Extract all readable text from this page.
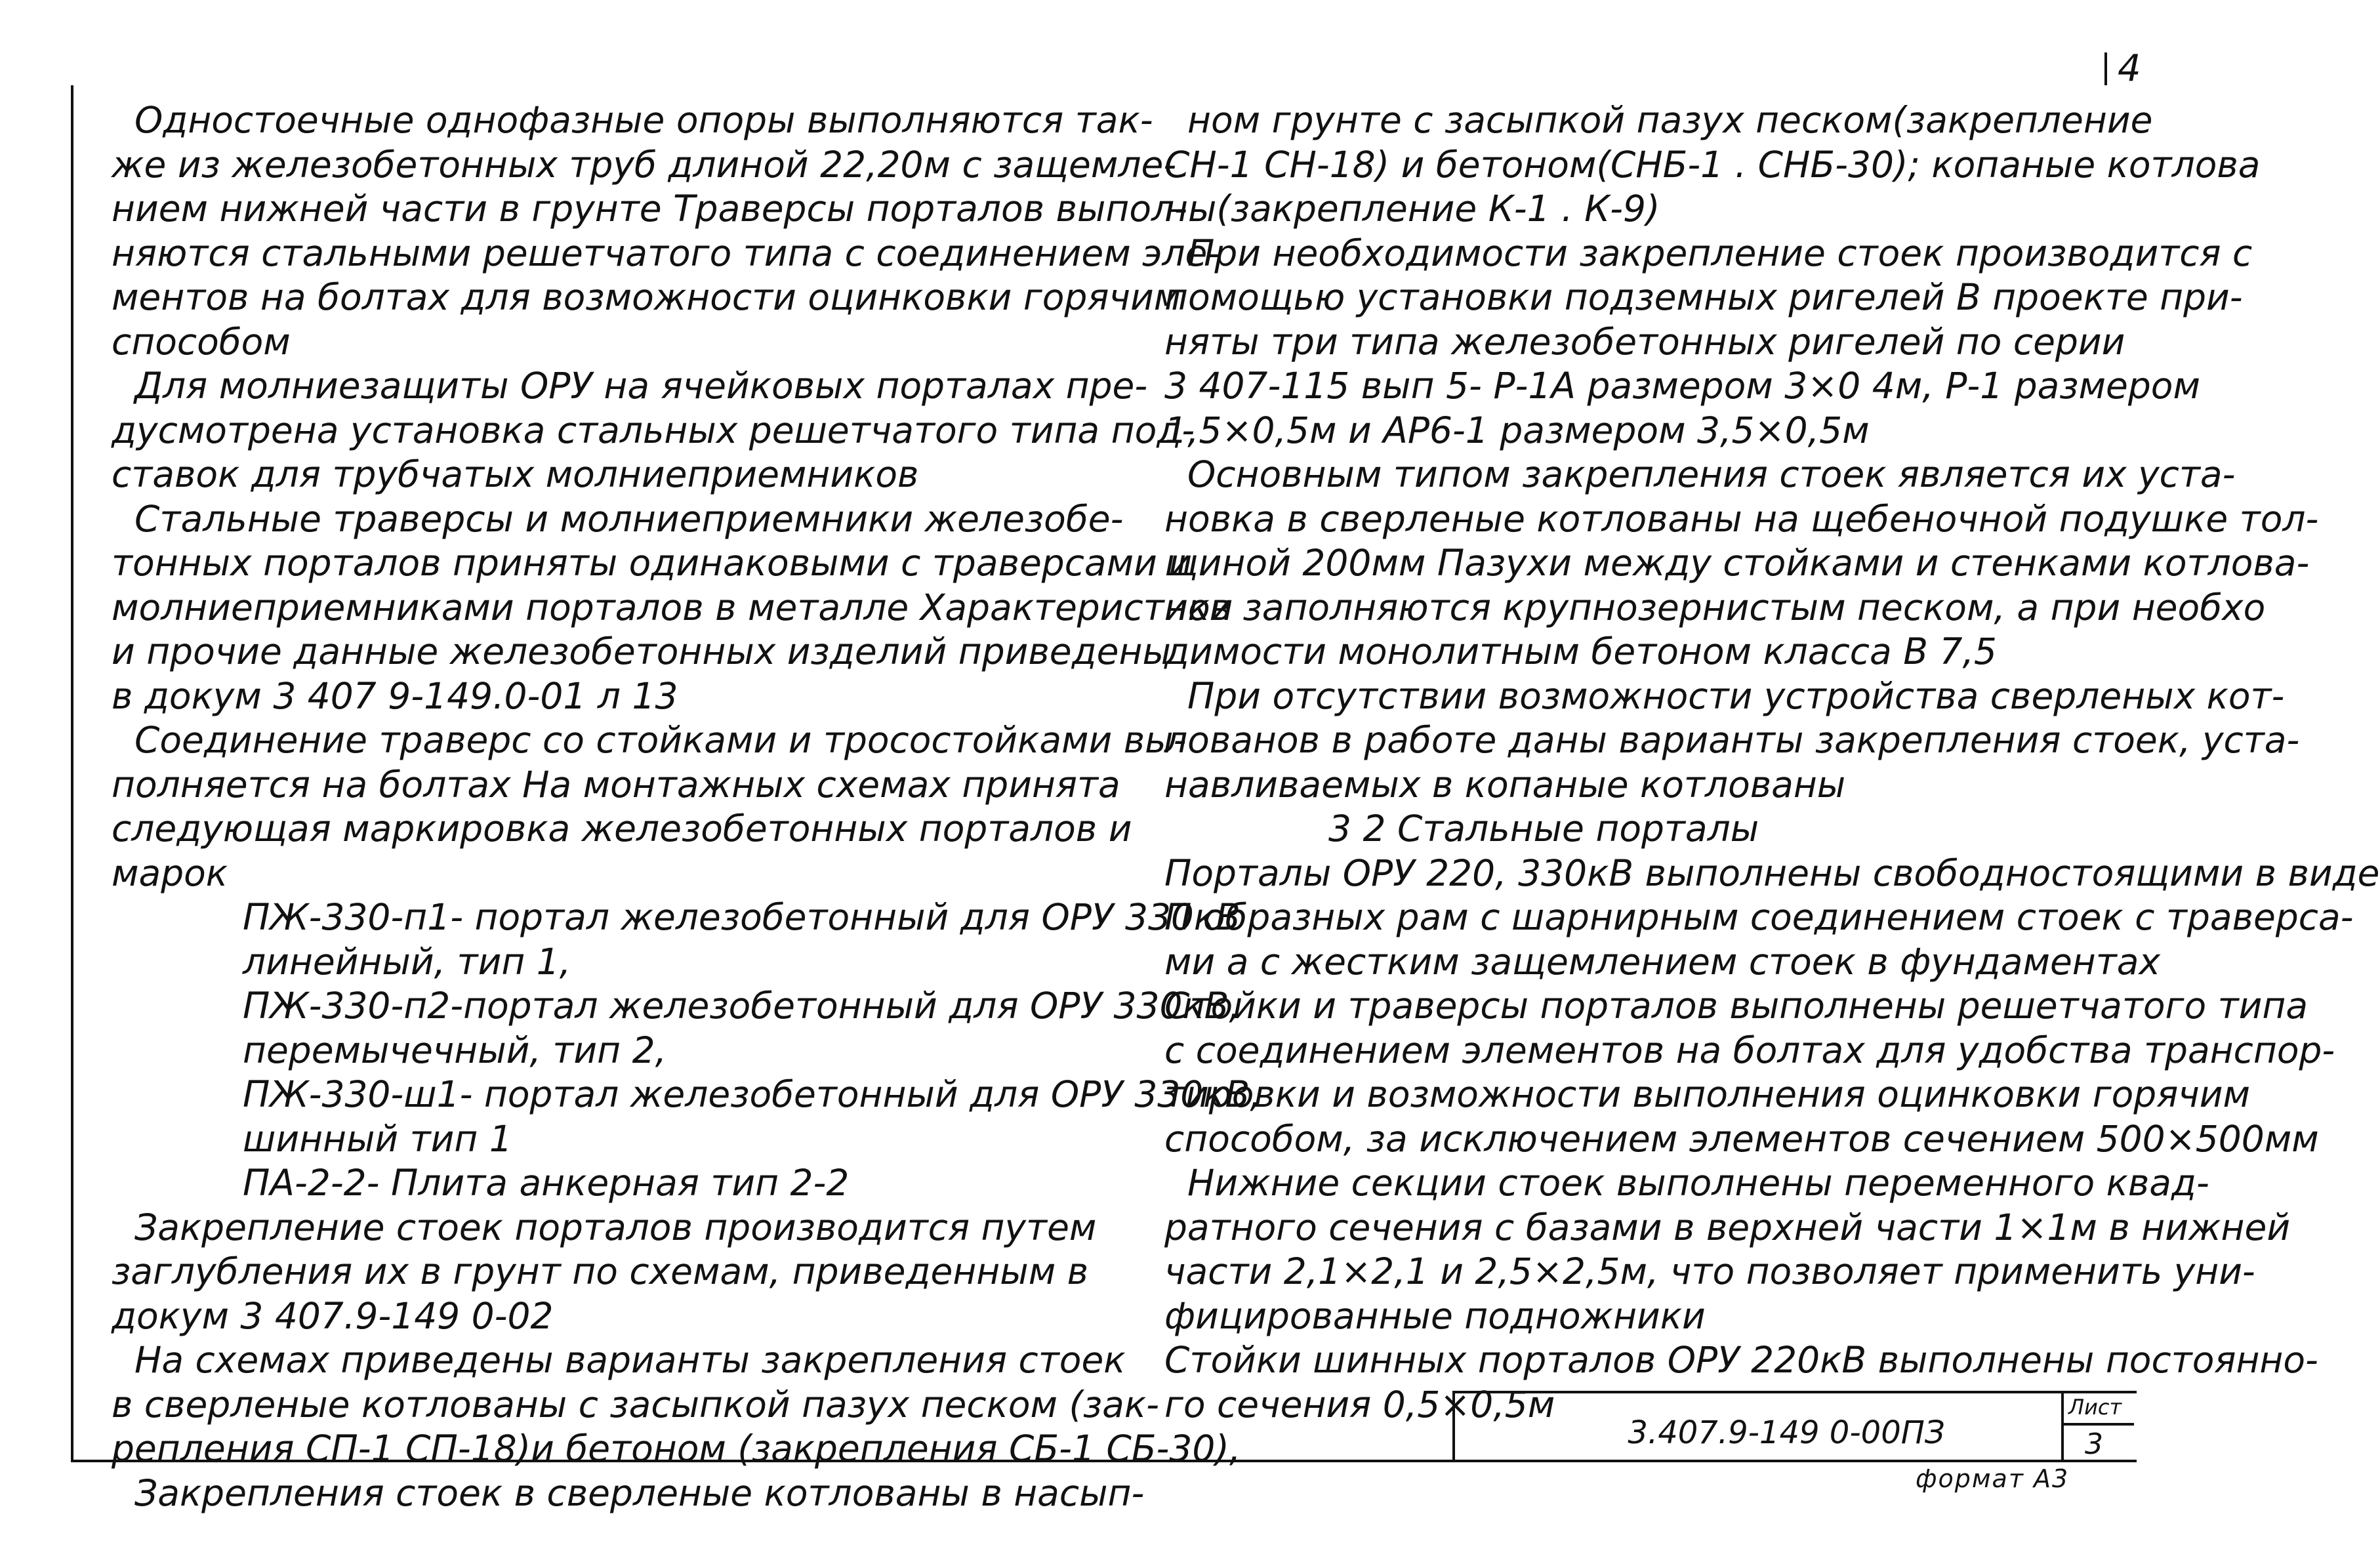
4
Одностоечные однофазные опоры выполняются так-
же из железобетонных труб длиной 22,20м с защемле-
нием нижней части в грунте Траверсы порталов выпол-
няются стальными решетчатого типа с соединением эле-
ментов на болтах для возможности оцинковки горячим
способом
Для молниезащиты ОРУ на ячейковых порталах пре-
дусмотрена установка стальных решетчатого типа под-
ставок для трубчатых молниеприемников
Стальные траверсы и молниеприемники железобе-
тонных порталов приняты одинаковыми с траверсами и
молниеприемниками порталов в металле Характеристики
и прочие данные железобетонных изделий приведены
в докум 3 407 9-149.0-01 л 13
Соединение траверс со стойками и тросостойками вы-
полняется на болтах На монтажных схемах принята
следующая маркировка железобетонных порталов и
марок
ПЖ-330-п1- портал железобетонный для ОРУ 330кВ
линейный, тип 1,
ПЖ-330-п2-портал железобетонный для ОРУ 330кВ,
перемычечный, тип 2,
ПЖ-330-ш1- портал железобетонный для ОРУ 330кВ,
шинный тип 1
ПА-2-2- Плита анкерная тип 2-2
Закрепление стоек порталов производится путем
заглубления их в грунт по схемам, приведенным в
докум 3 407.9-149 0-02
На схемах приведены варианты закрепления стоек
в сверленые котлованы с засыпкой пазух песком (зак-
репления СП-1 СП-18)и бетоном (закрепления СБ-1 СБ-30),
Закрепления стоек в сверленые котлованы в насып-
ном грунте с засыпкой пазух песком(закрепление
СН-1 СН-18) и бетоном(СНБ-1 . СНБ-30); копаные котлова
ны(закрепление К-1 . К-9)
При необходимости закрепление стоек производится с
помощью установки подземных ригелей В проекте при-
няты три типа железобетонных ригелей по серии
3 407-115 вып 5- Р-1А размером 3×0 4м, Р-1 размером
1,5×0,5м и АР6-1 размером 3,5×0,5м
Основным типом закрепления стоек является их уста-
новка в сверленые котлованы на щебеночной подушке тол-
щиной 200мм Пазухи между стойками и стенками котлова-
нов заполняются крупнозернистым песком, а при необхо
димости монолитным бетоном класса В 7,5
При отсутствии возможности устройства сверленых кот-
лованов в работе даны варианты закрепления стоек, уста-
навливаемых в копаные котлованы
3 2 Стальные порталы
Порталы ОРУ 220, 330кВ выполнены свободностоящими в виде
П образных рам с шарнирным соединением стоек с траверса-
ми а с жестким защемлением стоек в фундаментах
Стойки и траверсы порталов выполнены решетчатого типа
с соединением элементов на болтах для удобства транспор-
тировки и возможности выполнения оцинковки горячим
способом, за исключением элементов сечением 500×500мм
Нижние секции стоек выполнены переменного квад-
ратного сечения с базами в верхней части 1×1м в нижней
части 2,1×2,1 и 2,5×2,5м, что позволяет применить уни-
фицированные подножники
Стойки шинных порталов ОРУ 220кВ выполнены постоянно-
го сечения 0,5×0,5м
3.407.9-149 0-00ПЗ
Лист
3
формат А3
